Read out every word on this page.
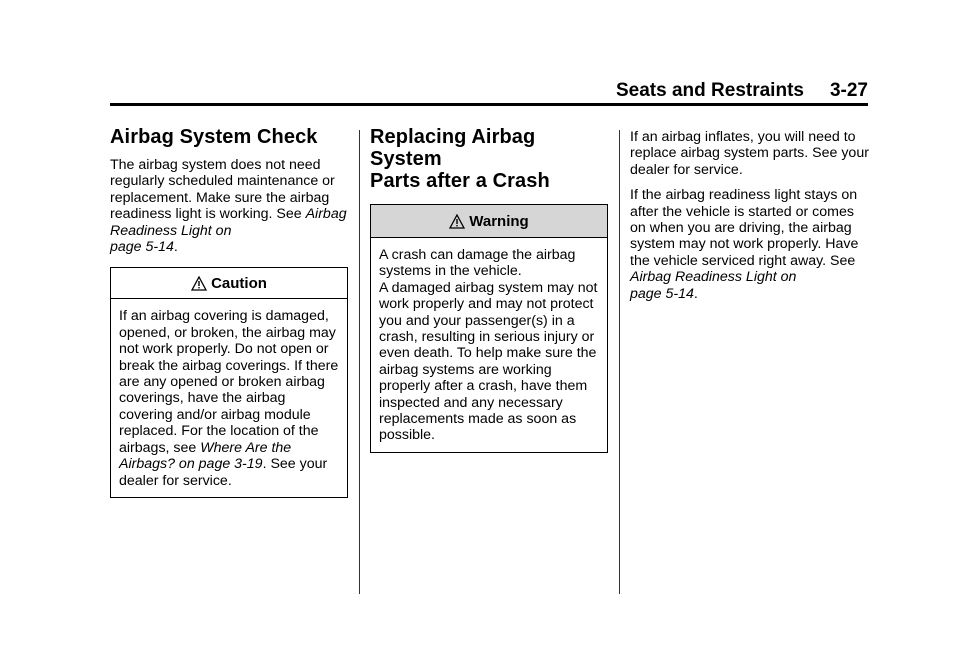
Seats and Restraints 3-27
Airbag System Check

The airbag system does not need regularly scheduled maintenance or replacement. Make sure the airbag readiness light is working. See Airbag Readiness Light on
page 5-14.

Caution
If an airbag covering is damaged, opened, or broken, the airbag may not work properly. Do not open or break the airbag coverings. If there are any opened or broken airbag coverings, have the airbag covering and/or airbag module replaced. For the location of the airbags, see Where Are the Airbags? on page 3-19. See your dealer for service.
Replacing Airbag System
Parts after a Crash
Warning

A crash can damage the airbag systems in the vehicle.

A damaged airbag system may not work properly and may not protect you and your passenger(s) in a crash, resulting in serious injury or even death. To help make sure the airbag systems are working properly after a crash, have them inspected and any necessary replacements made as soon as possible.

If an airbag inflates, you will need to replace airbag system parts. See your dealer for service.

If the airbag readiness light stays on after the vehicle is started or comes on when you are driving, the airbag system may not work properly. Have the vehicle serviced right away. See Airbag Readiness Light on
page 5-14.
